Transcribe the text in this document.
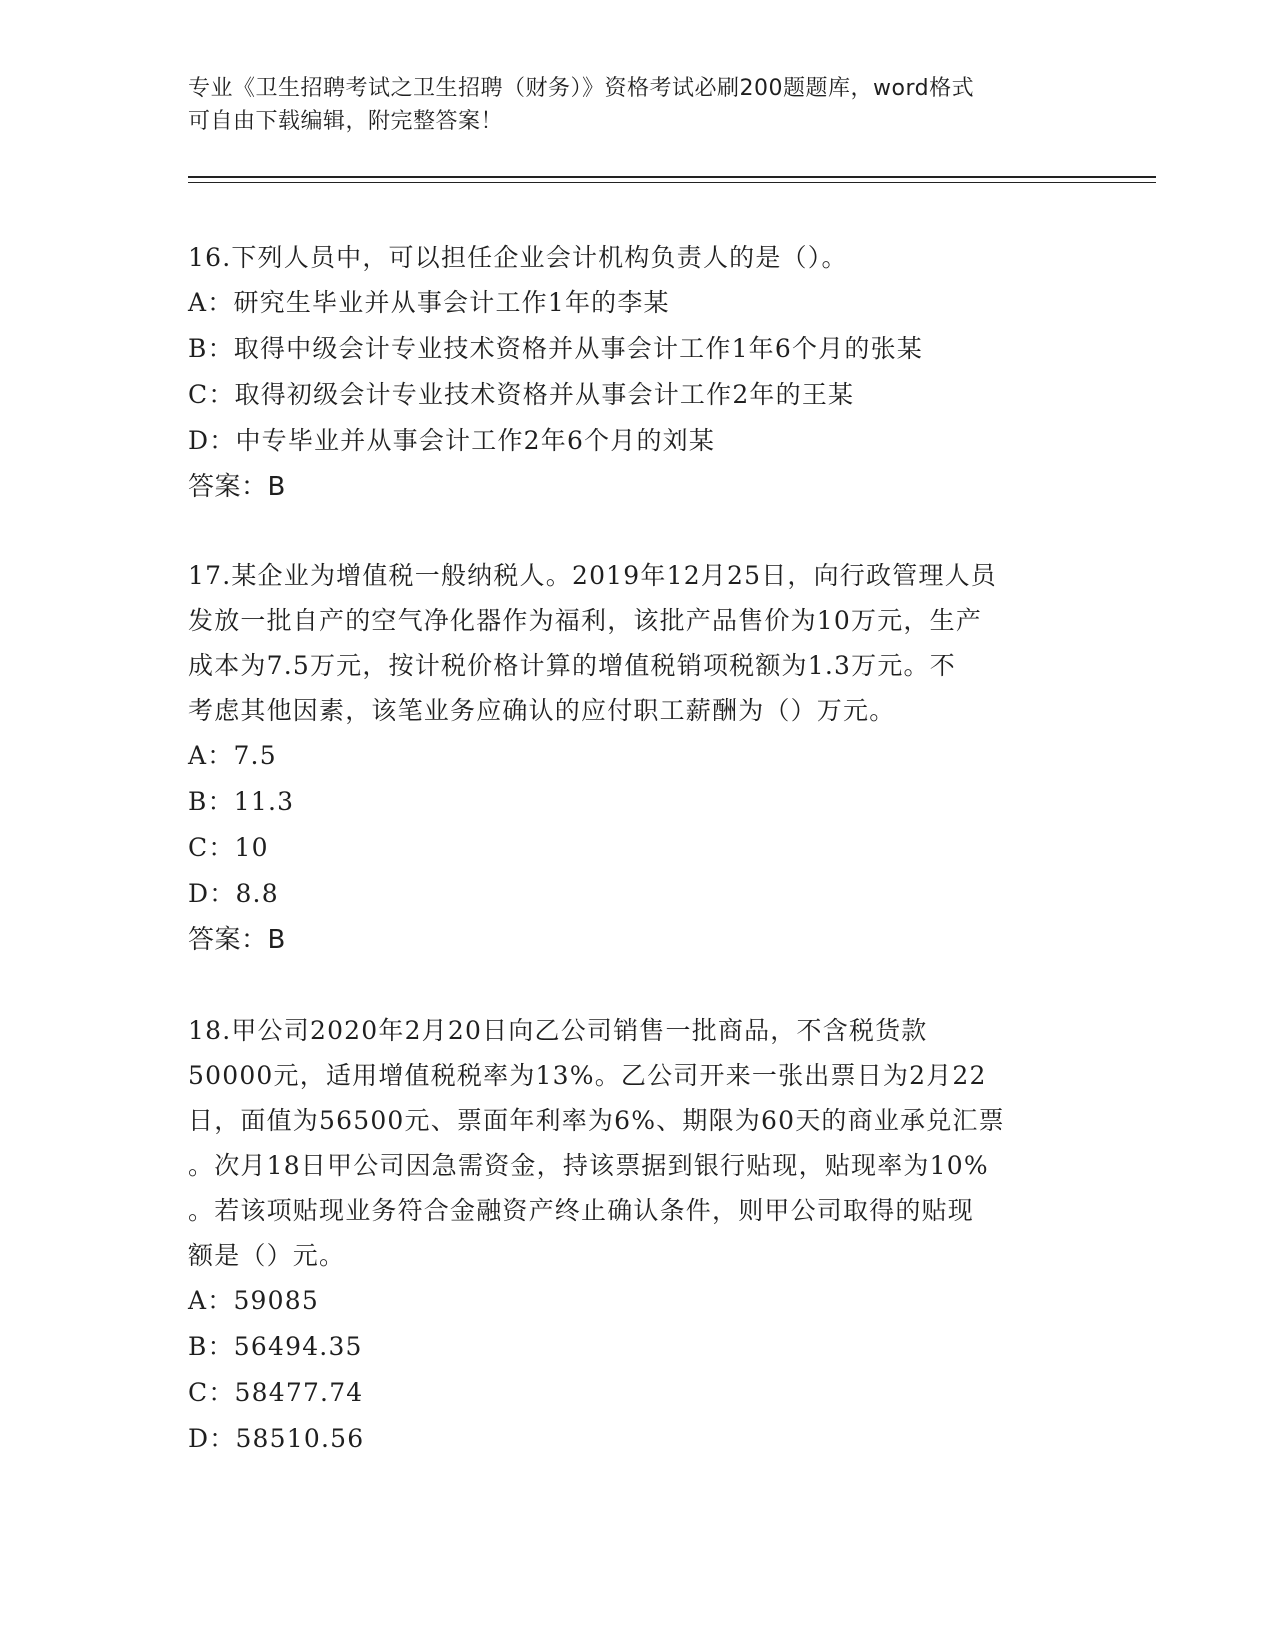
专业《卫生招聘考试之卫生招聘（财务）》资格考试必刷200题题库，word格式
可自由下载编辑，附完整答案！
16.下列人员中，可以担任企业会计机构负责人的是（）。
A：研究生毕业并从事会计工作1年的李某
B：取得中级会计专业技术资格并从事会计工作1年6个月的张某
C：取得初级会计专业技术资格并从事会计工作2年的王某
D：中专毕业并从事会计工作2年6个月的刘某
答案：B
17.某企业为增值税一般纳税人。2019年12月25日，向行政管理人员
发放一批自产的空气净化器作为福利，该批产品售价为10万元，生产
成本为7.5万元，按计税价格计算的增值税销项税额为1.3万元。不
考虑其他因素，该笔业务应确认的应付职工薪酬为（）万元。
A：7.5
B：11.3
C：10
D：8.8
答案：B
18.甲公司2020年2月20日向乙公司销售一批商品，不含税货款
50000元，适用增值税税率为13%。乙公司开来一张出票日为2月22
日，面值为56500元、票面年利率为6%、期限为60天的商业承兑汇票
。次月18日甲公司因急需资金，持该票据到银行贴现，贴现率为10%
。若该项贴现业务符合金融资产终止确认条件，则甲公司取得的贴现
额是（）元。
A：59085
B：56494.35
C：58477.74
D：58510.56
